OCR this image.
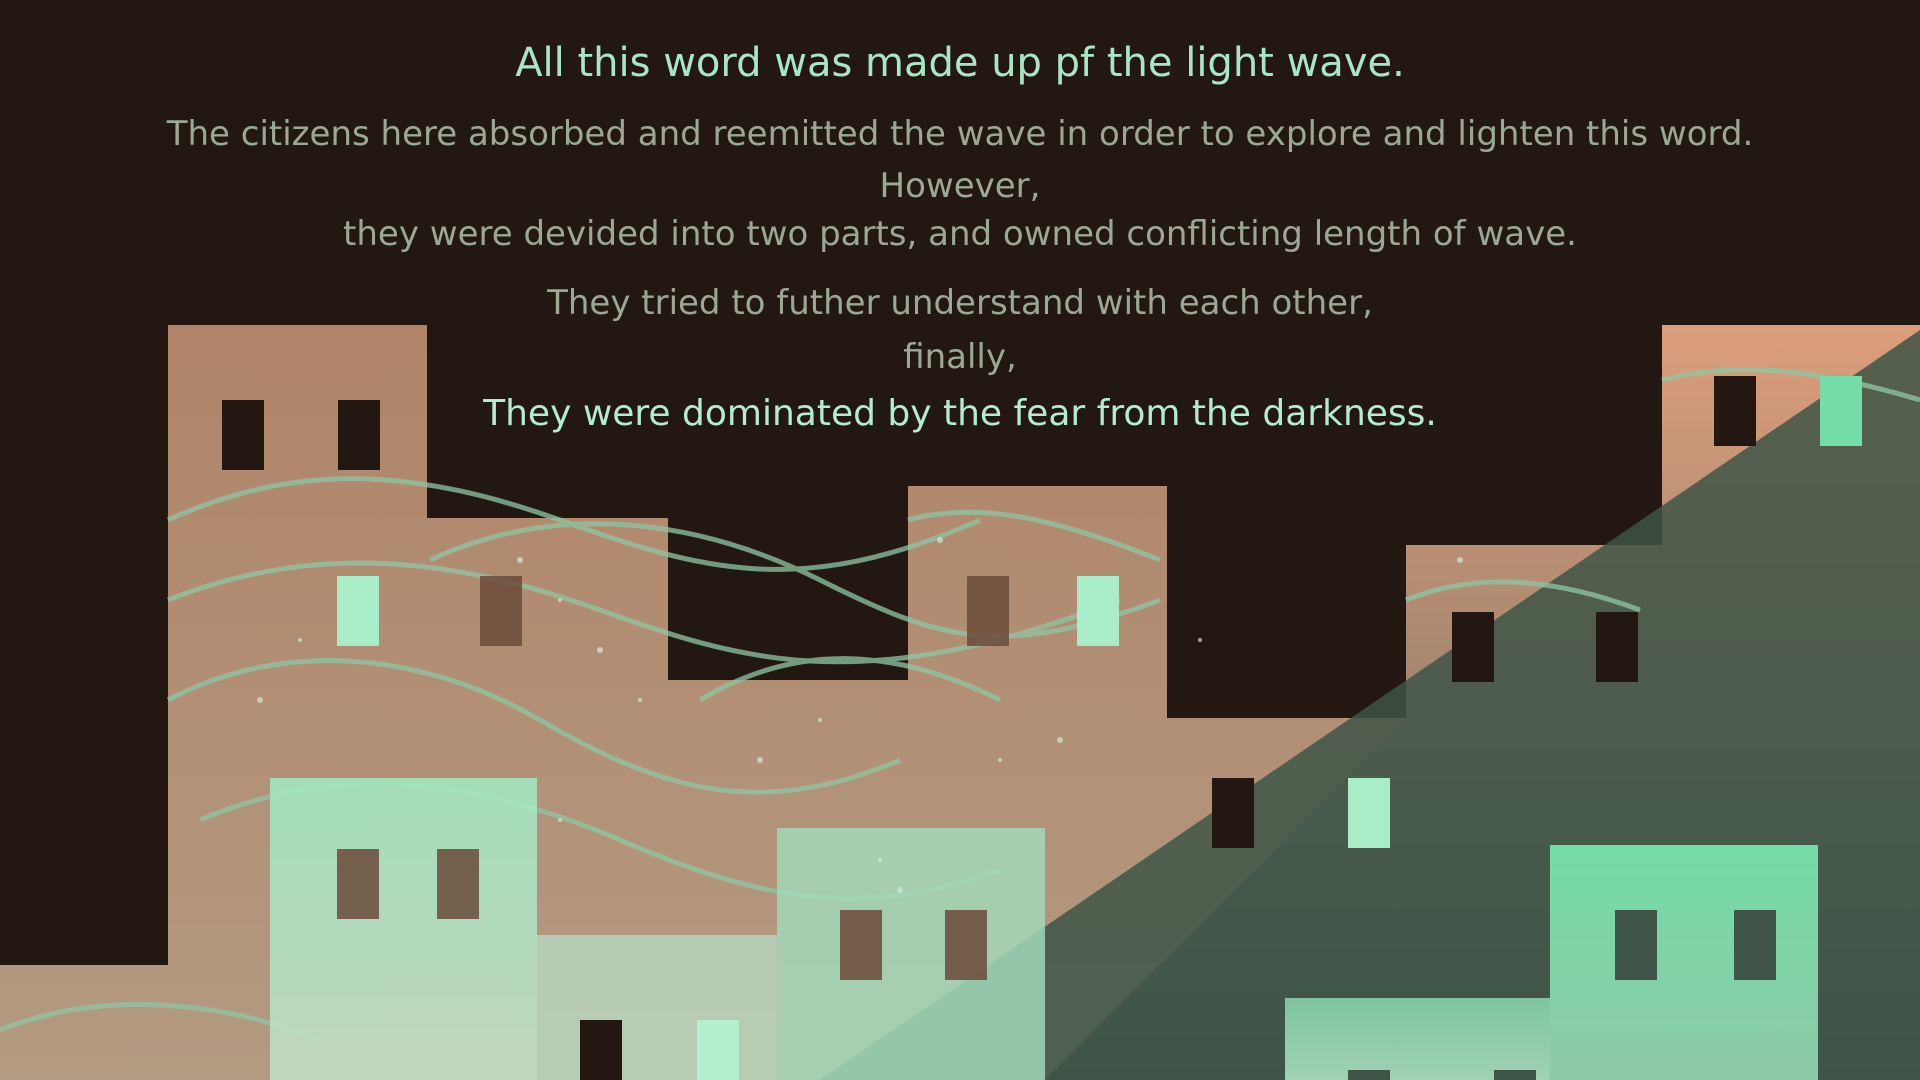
All this word was made up pf the light wave.

The citizens here absorbed and reemitted the wave in order to explore and lighten this word.

However,

they were devided into two parts, and owned conflicting length of wave.

They tried to futher understand with each other,

finally,

They were dominated by the fear from the darkness.
